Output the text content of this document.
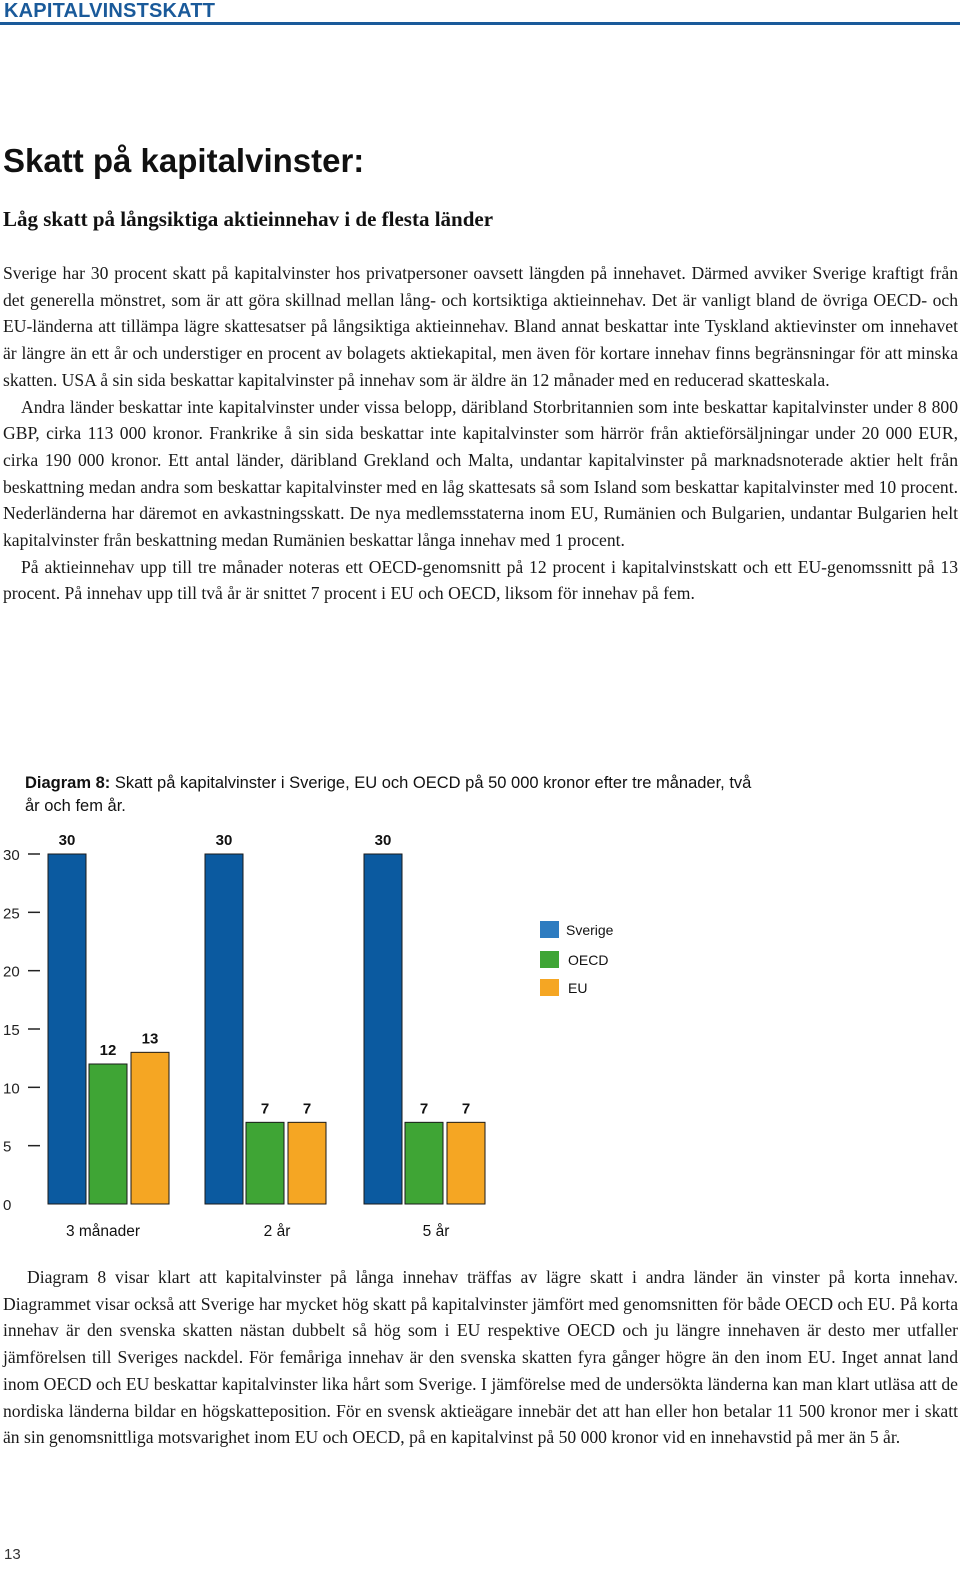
KAPITALVINSTSKATT
Skatt på kapitalvinster:
Låg skatt på långsiktiga aktieinnehav i de flesta länder

Sverige har 30 procent skatt på kapitalvinster hos privatpersoner oavsett längden på innehavet. Därmed avviker Sverige kraftigt från det generella mönstret, som är att göra skillnad mellan lång- och kortsiktiga aktieinnehav. Det är vanligt bland de övriga OECD- och EU-länderna att tillämpa lägre skattesatser på långsiktiga aktieinnehav. Bland annat beskattar inte Tyskland aktievinster om innehavet är längre än ett år och understiger en procent av bolagets aktiekapital, men även för kortare innehav finns begränsningar för att minska skatten. USA å sin sida beskattar kapitalvinster på innehav som är äldre än 12 månader med en reducerad skatteskala.

Andra länder beskattar inte kapitalvinster under vissa belopp, däribland Storbritannien som inte beskattar kapitalvinster under 8 800 GBP, cirka 113 000 kronor. Frankrike å sin sida beskattar inte kapitalvinster som härrör från aktieförsäljningar under 20 000 EUR, cirka 190 000 kronor. Ett antal länder, däribland Grekland och Malta, undantar kapitalvinster på marknadsnoterade aktier helt från beskattning medan andra som beskattar kapitalvinster med en låg skattesats så som Island som beskattar kapitalvinster med 10 procent. Nederländerna har däremot en avkastningsskatt. De nya medlemsstaterna inom EU, Rumänien och Bulgarien, undantar Bulgarien helt kapitalvinster från beskattning medan Rumänien beskattar långa innehav med 1 procent.

På aktieinnehav upp till tre månader noteras ett OECD-genomsnitt på 12 procent i kapitalvinstskatt och ett EU-genomssnitt på 13 procent. På innehav upp till två år är snittet 7 procent i EU och OECD, liksom för innehav på fem.

Diagram 8: Skatt på kapitalvinster i Sverige, EU och OECD på 50 000 kronor efter tre månader, två år och fem år.
0
5
10
15
20
25
30
30
12
13
3 månader
30
7 7
2 år
30
7 7
5 år
Sverige
OECD
EU

Diagram 8 visar klart att kapitalvinster på långa innehav träffas av lägre skatt i andra länder än vinster på korta innehav. Diagrammet visar också att Sverige har mycket hög skatt på kapitalvinster jämfört med genomsnitten för både OECD och EU. På korta innehav är den svenska skatten nästan dubbelt så hög som i EU respektive OECD och ju längre innehaven är desto mer utfaller jämförelsen till Sveriges nackdel. För femåriga innehav är den svenska skatten fyra gånger högre än den inom EU. Inget annat land inom OECD och EU beskattar kapitalvinster lika hårt som Sverige. I jämförelse med de undersökta länderna kan man klart utläsa att de nordiska länderna bildar en högskatteposition. För en svensk aktieägare innebär det att han eller hon betalar 11 500 kronor mer i skatt än sin genomsnittliga motsvarighet inom EU och OECD, på en kapitalvinst på 50 000 kronor vid en innehavstid på mer än 5 år.

13
